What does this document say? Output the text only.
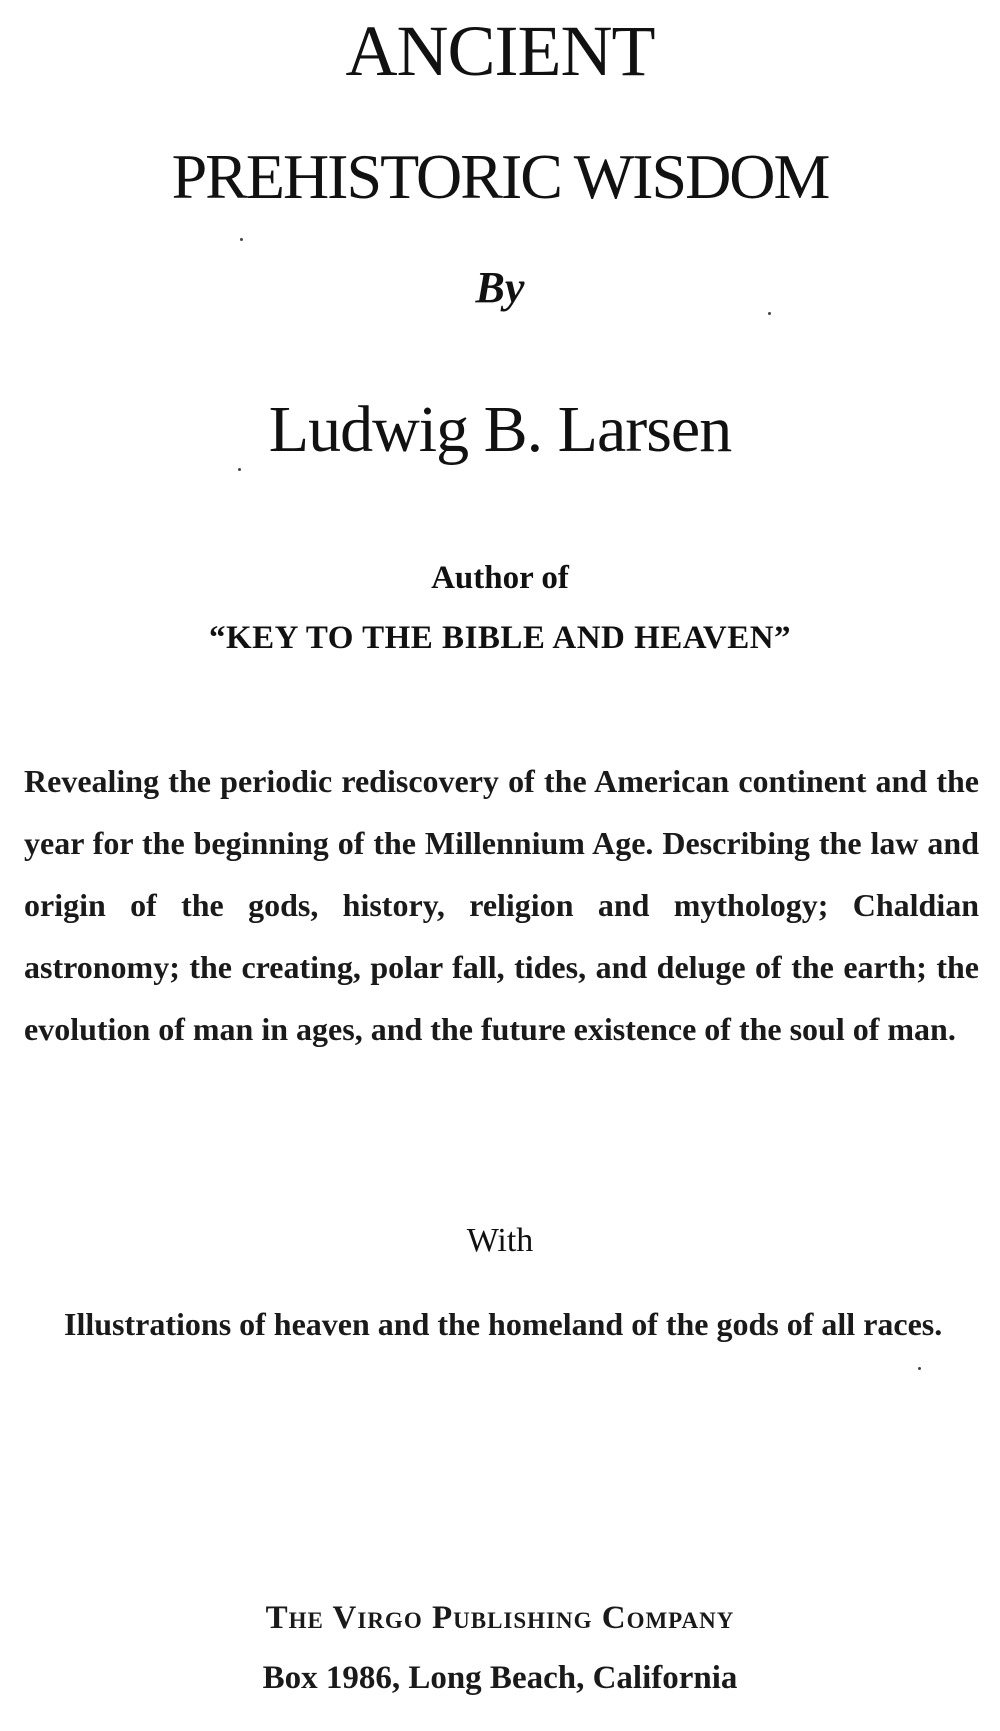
ANCIENT
PREHISTORIC WISDOM
By
Ludwig B. Larsen
Author of
“KEY TO THE BIBLE AND HEAVEN”

Revealing the periodic rediscovery of the American continent and the year for the beginning of the Millennium Age. Describing the law and origin of the gods, history, religion and mythology; Chaldian astronomy; the creating, polar fall, tides, and deluge of the earth; the evolution of man in ages, and the future existence of the soul of man.

With

Illustrations of heaven and the homeland of the gods of all races.

The Virgo Publishing Company
Box 1986, Long Beach, California
